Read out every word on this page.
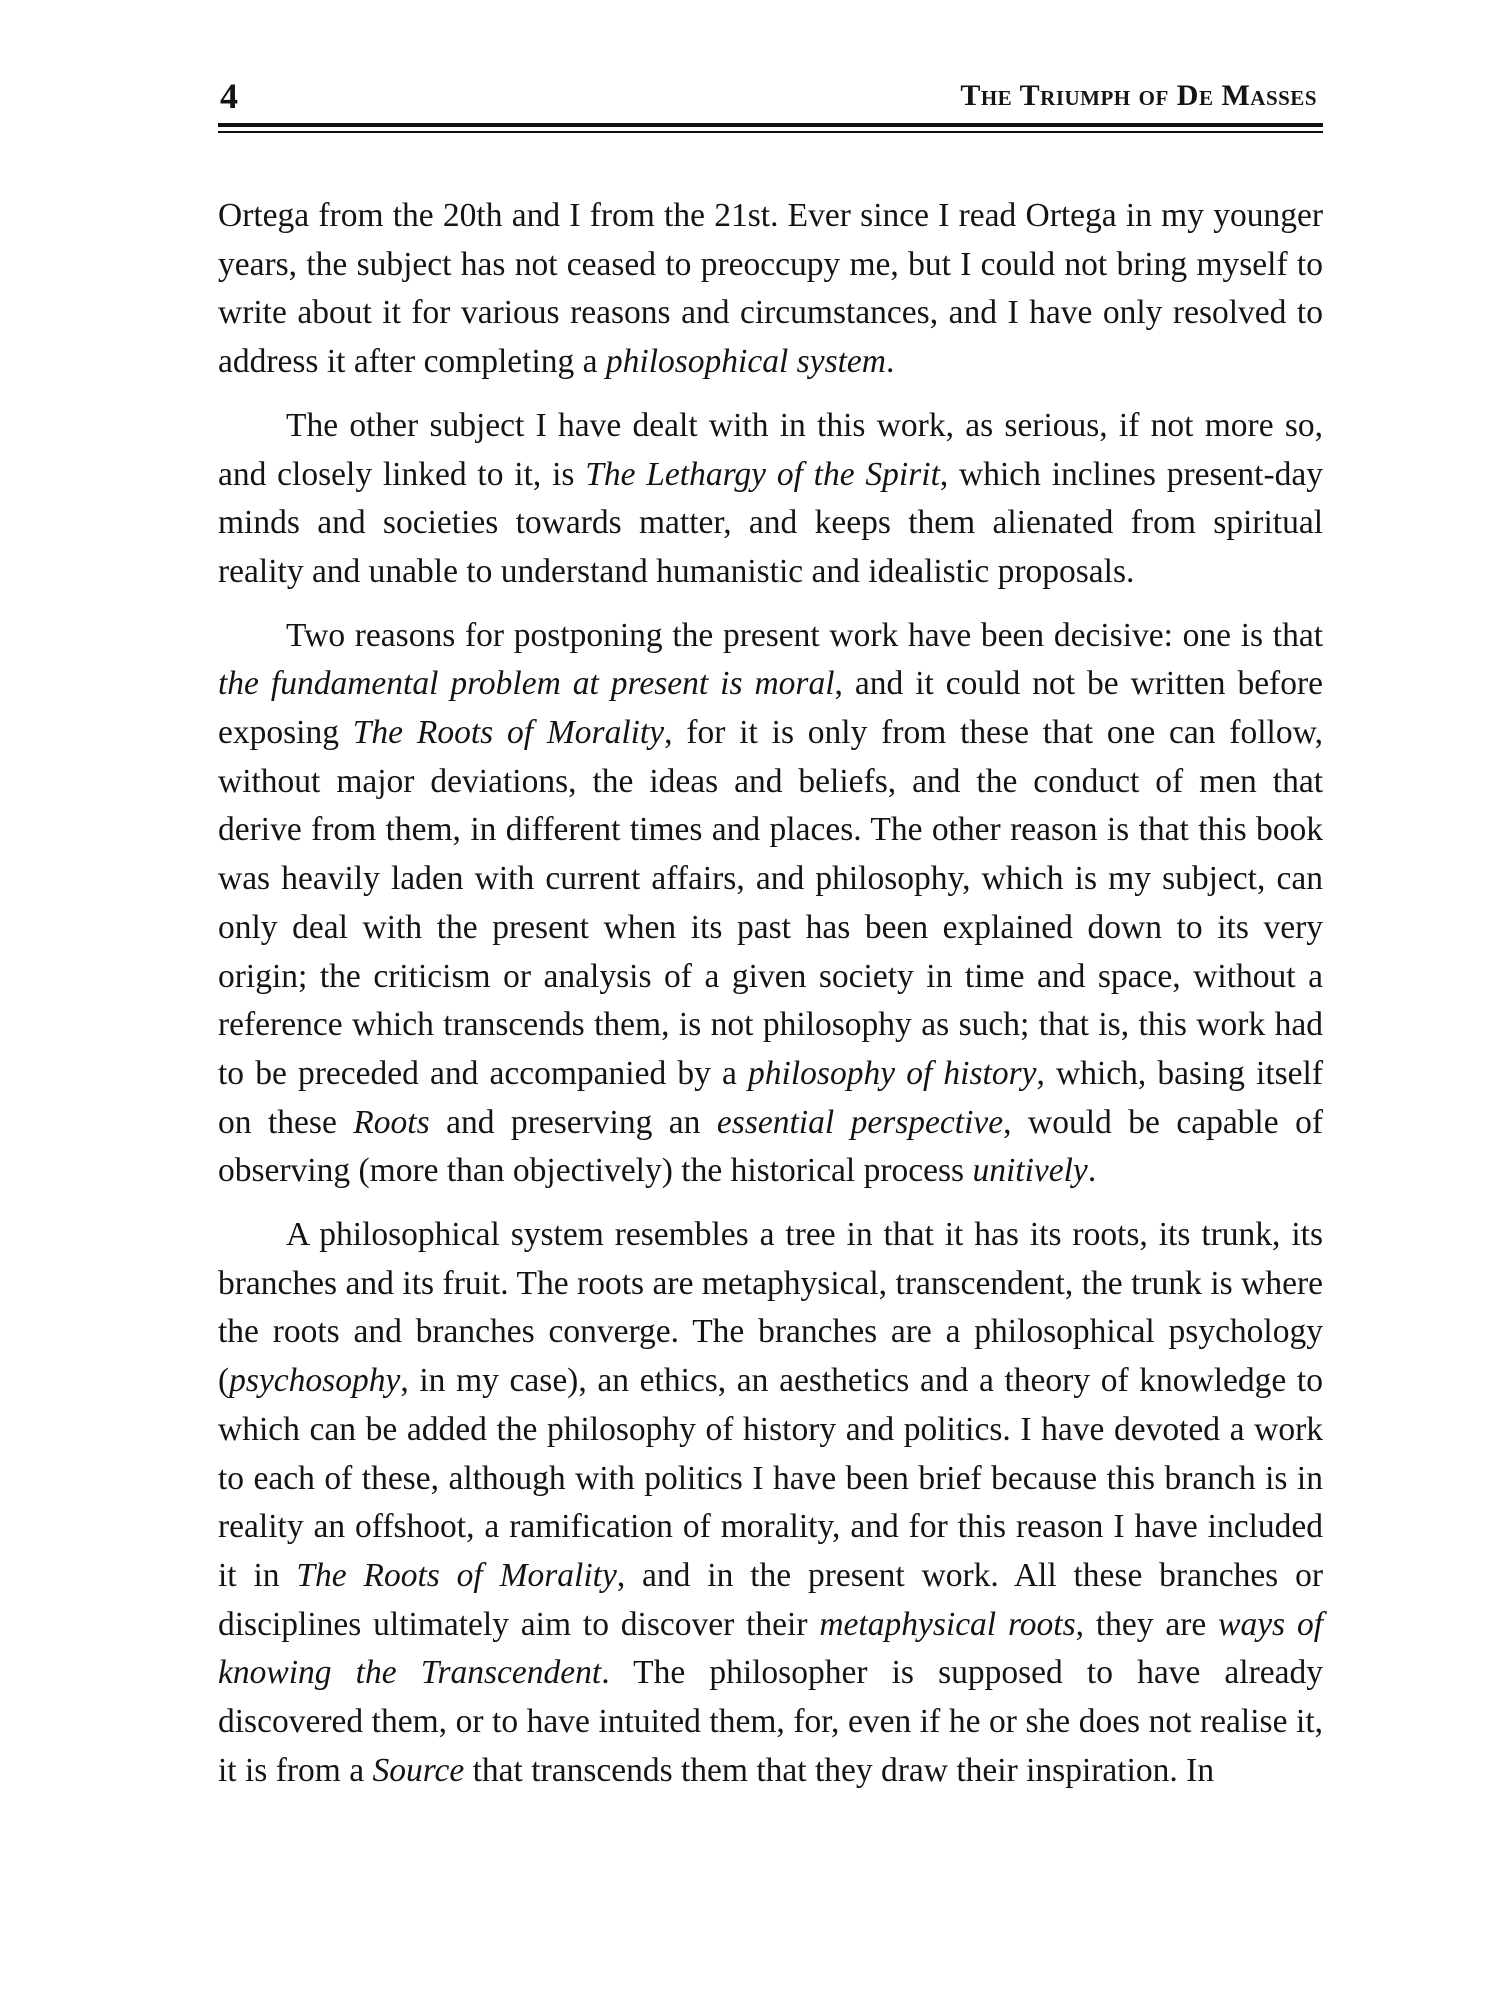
4	The Triumph of De Masses

Ortega from the 20th and I from the 21st. Ever since I read Ortega in my younger years, the subject has not ceased to preoccupy me, but I could not bring myself to write about it for various reasons and circumstances, and I have only resolved to address it after completing a philosophical system.

The other subject I have dealt with in this work, as serious, if not more so, and closely linked to it, is The Lethargy of the Spirit, which inclines present-day minds and societies towards matter, and keeps them alienated from spiritual reality and unable to understand humanistic and idealistic proposals.

Two reasons for postponing the present work have been decisive: one is that the fundamental problem at present is moral, and it could not be written before exposing The Roots of Morality, for it is only from these that one can follow, without major deviations, the ideas and beliefs, and the conduct of men that derive from them, in different times and places. The other reason is that this book was heavily laden with current affairs, and philosophy, which is my subject, can only deal with the present when its past has been explained down to its very origin; the criticism or analysis of a given society in time and space, without a reference which transcends them, is not philosophy as such; that is, this work had to be preceded and accompanied by a philosophy of history, which, basing itself on these Roots and preserving an essential perspective, would be capable of observing (more than objectively) the historical process unitively.

A philosophical system resembles a tree in that it has its roots, its trunk, its branches and its fruit. The roots are metaphysical, transcendent, the trunk is where the roots and branches converge. The branches are a philosophical psychology (psychosophy, in my case), an ethics, an aesthetics and a theory of knowledge to which can be added the philosophy of history and politics. I have devoted a work to each of these, although with politics I have been brief because this branch is in reality an offshoot, a ramification of morality, and for this reason I have included it in The Roots of Morality, and in the present work. All these branches or disciplines ultimately aim to discover their metaphysical roots, they are ways of knowing the Transcendent. The philosopher is supposed to have already discovered them, or to have intuited them, for, even if he or she does not realise it, it is from a Source that transcends them that they draw their inspiration. In
